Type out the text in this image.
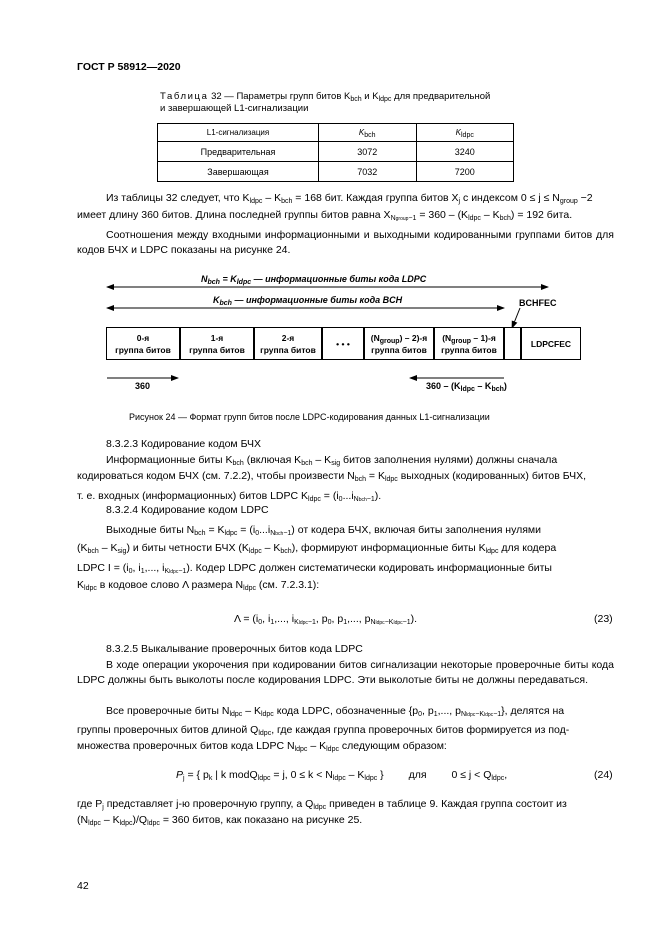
ГОСТ Р 58912—2020
Таблица 32 — Параметры групп битов $K_{bch}$ и $K_{ldpc}$ для предварительной
и завершающей L1-сигнализации
L1-сигнализация	$K_{bch}$	$K_{ldpc}$
Предварительная	3072	3240
Завершающая	7032	7200
Из таблицы 32 следует, что $K_{ldpc} - K_{bch} = 168$ бит. Каждая группа битов $X_j$ с индексом $0 \le j \le N_{group} -2$
имеет длину 360 битов. Длина последней группы битов равна $X_{Ngroup-1} = 360 - (K_{ldpc} - K_{bch}) = 192$ бита.
Соотношения между входными информационными и выходными кодированными группами битов для кодов БЧХ и LDPC показаны на рисунке 24.
$N_{bch} = K_{ldpc}$ — информационные биты кода LDPC
$K_{bch}$ — информационные биты кода BCH	BCHFEC
0-я
группа битов
1-я
группа битов
2-я
группа битов
• • •
$(N_{group}) - 2)-я$
группа битов
$(N_{group} - 1)-я$
группа битов
LDPCFEC
360	$360 - (K_{ldpc} - K_{bch})$
Рисунок 24 — Формат групп битов после LDPC-кодирования данных L1-сигнализации
8.3.2.3 Кодирование кодом БЧХ
Информационные биты $K_{bch}$ (включая $K_{bch} - K_{sig}$ битов заполнения нулями) должны сначала
кодироваться кодом БЧХ (см. 7.2.2), чтобы произвести $N_{bch} = K_{ldpc}$ выходных (кодированных) битов БЧХ,
т. е. входных (информационных) битов LDPC $K_{ldpc} = (i_0...i_{Nbch-1})$.
8.3.2.4 Кодирование кодом LDPC
Выходные биты $N_{bch} = K_{ldpc} = (i_0...i_{Nbch-1})$ от кодера БЧХ, включая биты заполнения нулями
$(K_{bch} - K_{sig})$ и биты четности БЧХ $(K_{ldpc} - K_{bch})$, формируют информационные биты $K_{ldpc}$ для кодера
LDPC $I = (i_0$, $i_1$,..., $i_{Kldpc-1}$). Кодер LDPC должен систематически кодировать информационные биты
$K_{ldpc}$ в кодовое слово Λ размера $N_{ldpc}$ (см. 7.2.3.1):
$\Lambda = (i_0$, $i_1$,..., $i_{Kldpc-1}$, $p_0$, $p_1$,..., $p_{Nldpc-Kldpc-1}$).	(23)
8.3.2.5 Выкалывание проверочных битов кода LDPC
В ходе операции укорочения при кодировании битов сигнализации некоторые проверочные биты кода LDPC должны быть выколоты после кодирования LDPC. Эти выколотые биты не должны передаваться.
Все проверочные биты $N_{ldpc} - K_{ldpc}$ кода LDPC, обозначенные {$p_0$, $p_1$,..., $p_{Nldpc-Kldpc-1}$}, делятся на
группы проверочных битов длиной $Q_{ldpc}$, где каждая группа проверочных битов формируется из под-
множества проверочных битов кода LDPC $N_{ldpc} - K_{ldpc}$ следующим образом:
$P_j$ = { $p_k$ | k modQ$_{ldpc}$ = j, $0 \le k < N_{ldpc} - K_{ldpc}$ } для $0 \le j < Q_{ldpc}$,	(24)
где $P_j$ представляет j-ю проверочную группу, а $Q_{ldpc}$ приведен в таблице 9. Каждая группа состоит из
$(N_{ldpc} - K_{ldpc})/Q_{ldpc} = 360$ битов, как показано на рисунке 25.
42
